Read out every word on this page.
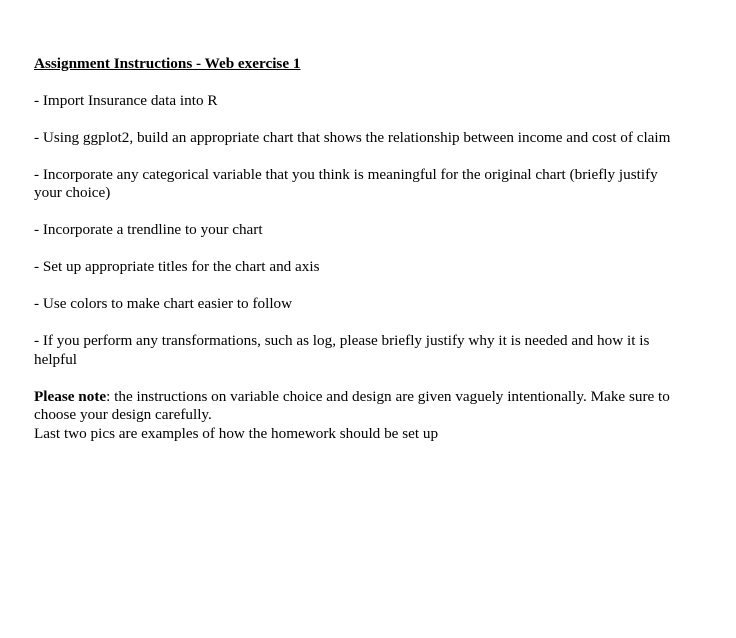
Assignment Instructions - Web exercise 1
- Import Insurance data into R
- Using ggplot2, build an appropriate chart that shows the relationship between income and cost of claim
- Incorporate any categorical variable that you think is meaningful for the original chart (briefly justify your choice)
- Incorporate a trendline to your chart
- Set up appropriate titles for the chart and axis
- Use colors to make chart easier to follow
- If you perform any transformations, such as log, please briefly justify why it is needed and how it is helpful

Please note: the instructions on variable choice and design are given vaguely intentionally. Make sure to choose your design carefully.

Last two pics are examples of how the homework should be set up
